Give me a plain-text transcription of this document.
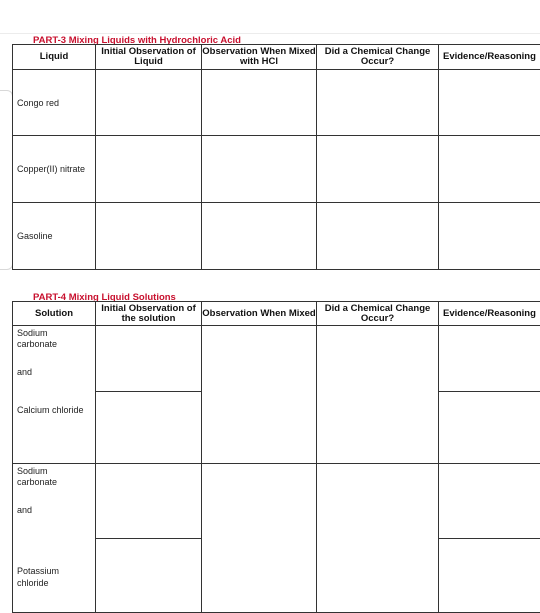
PART-3 Mixing Liquids with Hydrochloric Acid
Liquid	Initial Observation of Liquid	Observation When Mixed with HCl	Did a Chemical Change Occur?	Evidence/Reasoning
Congo red				
Copper(II) nitrate				
Gasoline				
PART-4 Mixing Liquid Solutions
Solution	Initial Observation of the solution	Observation When Mixed	Did a Chemical Change Occur?	Evidence/Reasoning

Sodium carbonate
and
Calcium chloride				

Sodium carbonate
and
Potassium chloride				
